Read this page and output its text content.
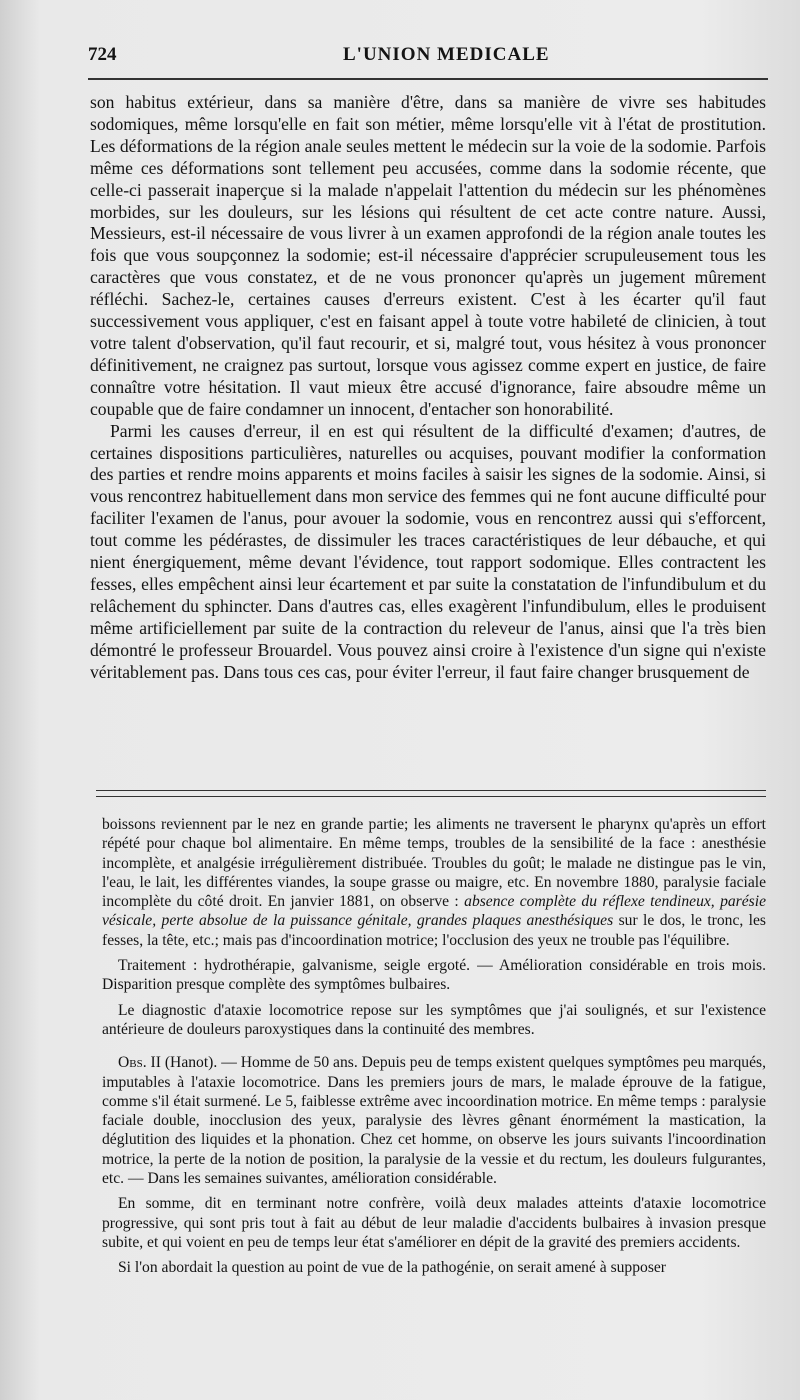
724	L'UNION MEDICALE

son habitus extérieur, dans sa manière d'être, dans sa manière de vivre ses habitudes sodomiques, même lorsqu'elle en fait son métier, même lorsqu'elle vit à l'état de prostitution. Les déformations de la région anale seules mettent le médecin sur la voie de la sodomie. Parfois même ces déformations sont tellement peu accusées, comme dans la sodomie récente, que celle-ci passerait inaperçue si la malade n'appelait l'attention du médecin sur les phénomènes morbides, sur les douleurs, sur les lésions qui résultent de cet acte contre nature. Aussi, Messieurs, est-il nécessaire de vous livrer à un examen approfondi de la région anale toutes les fois que vous soupçonnez la sodomie; est-il nécessaire d'apprécier scrupuleusement tous les caractères que vous constatez, et de ne vous prononcer qu'après un jugement mûrement réfléchi. Sachez-le, certaines causes d'erreurs existent. C'est à les écarter qu'il faut successivement vous appliquer, c'est en faisant appel à toute votre habileté de clinicien, à tout votre talent d'observation, qu'il faut recourir, et si, malgré tout, vous hésitez à vous prononcer définitivement, ne craignez pas surtout, lorsque vous agissez comme expert en justice, de faire connaître votre hésitation. Il vaut mieux être accusé d'ignorance, faire absoudre même un coupable que de faire condamner un innocent, d'entacher son honorabilité.

Parmi les causes d'erreur, il en est qui résultent de la difficulté d'examen; d'autres, de certaines dispositions particulières, naturelles ou acquises, pouvant modifier la conformation des parties et rendre moins apparents et moins faciles à saisir les signes de la sodomie. Ainsi, si vous rencontrez habituellement dans mon service des femmes qui ne font aucune difficulté pour faciliter l'examen de l'anus, pour avouer la sodomie, vous en rencontrez aussi qui s'efforcent, tout comme les pédérastes, de dissimuler les traces caractéristiques de leur débauche, et qui nient énergiquement, même devant l'évidence, tout rapport sodomique. Elles contractent les fesses, elles empêchent ainsi leur écartement et par suite la constatation de l'infundibulum et du relâchement du sphincter. Dans d'autres cas, elles exagèrent l'infundibulum, elles le produisent même artificiellement par suite de la contraction du releveur de l'anus, ainsi que l'a très bien démontré le professeur Brouardel. Vous pouvez ainsi croire à l'existence d'un signe qui n'existe véritablement pas. Dans tous ces cas, pour éviter l'erreur, il faut faire changer brusquement de

boissons reviennent par le nez en grande partie; les aliments ne traversent le pharynx qu'après un effort répété pour chaque bol alimentaire. En même temps, troubles de la sensibilité de la face : anesthésie incomplète, et analgésie irrégulièrement distribuée. Troubles du goût; le malade ne distingue pas le vin, l'eau, le lait, les différentes viandes, la soupe grasse ou maigre, etc. En novembre 1880, paralysie faciale incomplète du côté droit. En janvier 1881, on observe : absence complète du réflexe tendineux, parésie vésicale, perte absolue de la puissance génitale, grandes plaques anesthésiques sur le dos, le tronc, les fesses, la tête, etc.; mais pas d'incoordination motrice; l'occlusion des yeux ne trouble pas l'équilibre.

Traitement : hydrothérapie, galvanisme, seigle ergoté. — Amélioration considérable en trois mois. Disparition presque complète des symptômes bulbaires.

Le diagnostic d'ataxie locomotrice repose sur les symptômes que j'ai soulignés, et sur l'existence antérieure de douleurs paroxystiques dans la continuité des membres.

Obs. II (Hanot). — Homme de 50 ans. Depuis peu de temps existent quelques symptômes peu marqués, imputables à l'ataxie locomotrice. Dans les premiers jours de mars, le malade éprouve de la fatigue, comme s'il était surmené. Le 5, faiblesse extrême avec incoordination motrice. En même temps : paralysie faciale double, inocclusion des yeux, paralysie des lèvres gênant énormément la mastication, la déglutition des liquides et la phonation. Chez cet homme, on observe les jours suivants l'incoordination motrice, la perte de la notion de position, la paralysie de la vessie et du rectum, les douleurs fulgurantes, etc. — Dans les semaines suivantes, amélioration considérable.

En somme, dit en terminant notre confrère, voilà deux malades atteints d'ataxie locomotrice progressive, qui sont pris tout à fait au début de leur maladie d'accidents bulbaires à invasion presque subite, et qui voient en peu de temps leur état s'améliorer en dépit de la gravité des premiers accidents.

Si l'on abordait la question au point de vue de la pathogénie, on serait amené à supposer
